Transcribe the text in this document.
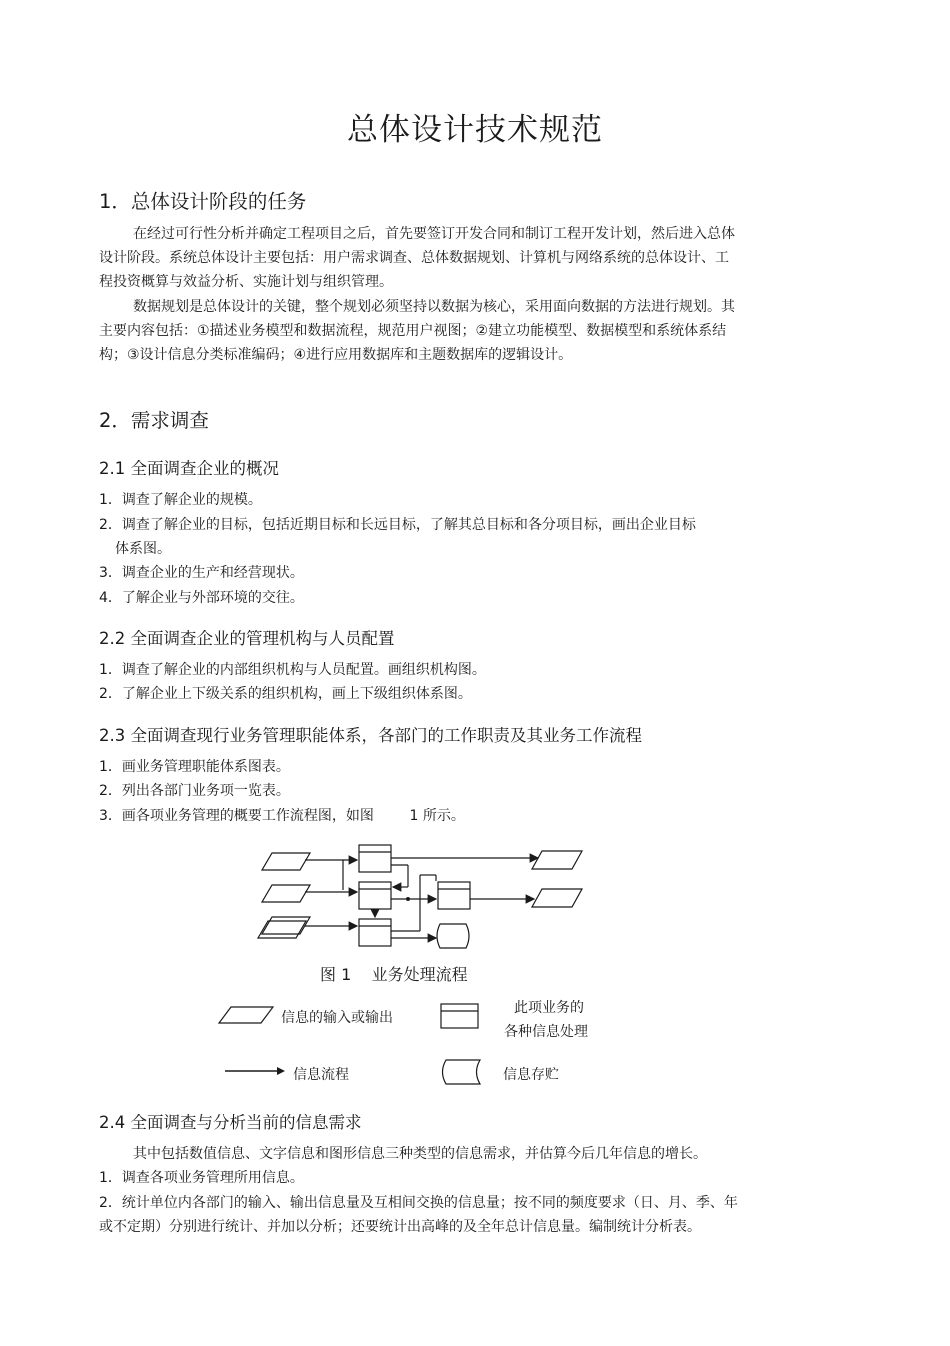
总体设计技术规范
1．总体设计阶段的任务
在经过可行性分析并确定工程项目之后，首先要签订开发合同和制订工程开发计划，然后进入总体
设计阶段。系统总体设计主要包括：用户需求调查、总体数据规划、计算机与网络系统的总体设计、工
程投资概算与效益分析、实施计划与组织管理。
数据规划是总体设计的关键，整个规划必须坚持以数据为核心，采用面向数据的方法进行规划。其
主要内容包括：①描述业务模型和数据流程，规范用户视图；②建立功能模型、数据模型和系统体系结
构；③设计信息分类标准编码；④进行应用数据库和主题数据库的逻辑设计。
2．需求调查
2.1 全面调查企业的概况
1．调查了解企业的规模。
2．调查了解企业的目标，包括近期目标和长远目标，了解其总目标和各分项目标，画出企业目标
体系图。
3．调查企业的生产和经营现状。
4．了解企业与外部环境的交往。
2.2 全面调查企业的管理机构与人员配置
1．调查了解企业的内部组织机构与人员配置。画组织机构图。
2．了解企业上下级关系的组织机构，画上下级组织体系图。
2.3 全面调查现行业务管理职能体系，各部门的工作职责及其业务工作流程
1．画业务管理职能体系图表。
2．列出各部门业务项一览表。
3．画各项业务管理的概要工作流程图，如图        1 所示。
图 1    业务处理流程
信息的输入或输出
此项业务的
各种信息处理
信息流程	信息存贮
2.4 全面调查与分析当前的信息需求
其中包括数值信息、文字信息和图形信息三种类型的信息需求，并估算今后几年信息的增长。
1．调查各项业务管理所用信息。
2．统计单位内各部门的输入、输出信息量及互相间交换的信息量；按不同的频度要求（日、月、季、年
或不定期）分别进行统计、并加以分析；还要统计出高峰的及全年总计信息量。编制统计分析表。
